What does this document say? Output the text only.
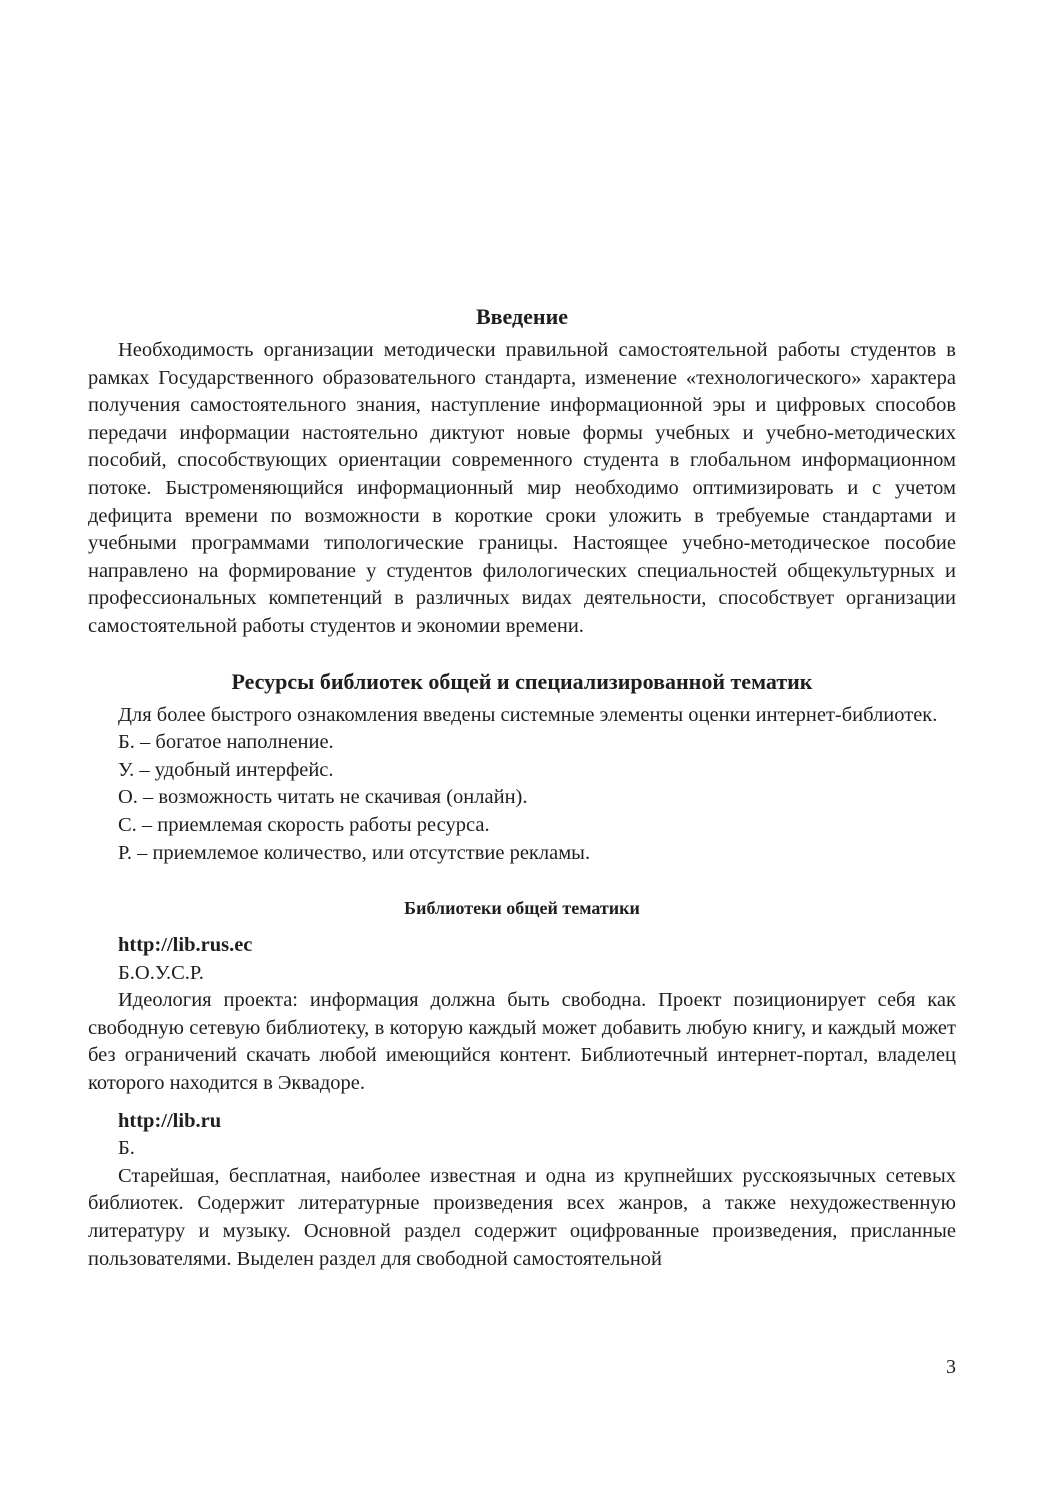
Введение

Необходимость организации методически правильной самостоятельной работы студентов в рамках Государственного образовательного стандарта, изменение «технологического» характера получения самостоятельного знания, наступление информационной эры и цифровых способов передачи информации настоятельно диктуют новые формы учебных и учебно-методических пособий, способствующих ориентации современного студента в глобальном информационном потоке. Быстроменяющийся информационный мир необходимо оптимизировать и с учетом дефицита времени по возможности в короткие сроки уложить в требуемые стандартами и учебными программами типологические границы. Настоящее учебно-методическое пособие направлено на формирование у студентов филологических специальностей общекультурных и профессиональных компетенций в различных видах деятельности, способствует организации самостоятельной работы студентов и экономии времени.

Ресурсы библиотек общей и специализированной тематик

Для более быстрого ознакомления введены системные элементы оценки интернет-библиотек.

Б. – богатое наполнение.

У. – удобный интерфейс.

О. – возможность читать не скачивая (онлайн).

С. – приемлемая скорость работы ресурса.

Р. – приемлемое количество, или отсутствие рекламы.

Библиотеки общей тематики

http://lib.rus.ec

Б.О.У.С.Р.

Идеология проекта: информация должна быть свободна. Проект позиционирует себя как свободную сетевую библиотеку, в которую каждый может добавить любую книгу, и каждый может без ограничений скачать любой имеющийся контент. Библиотечный интернет-портал, владелец которого находится в Эквадоре.

http://lib.ru

Б.

Старейшая, бесплатная, наиболее известная и одна из крупнейших русскоязычных сетевых библиотек. Содержит литературные произведения всех жанров, а также нехудожественную литературу и музыку. Основной раздел содержит оцифрованные произведения, присланные пользователями. Выделен раздел для свободной самостоятельной

3
